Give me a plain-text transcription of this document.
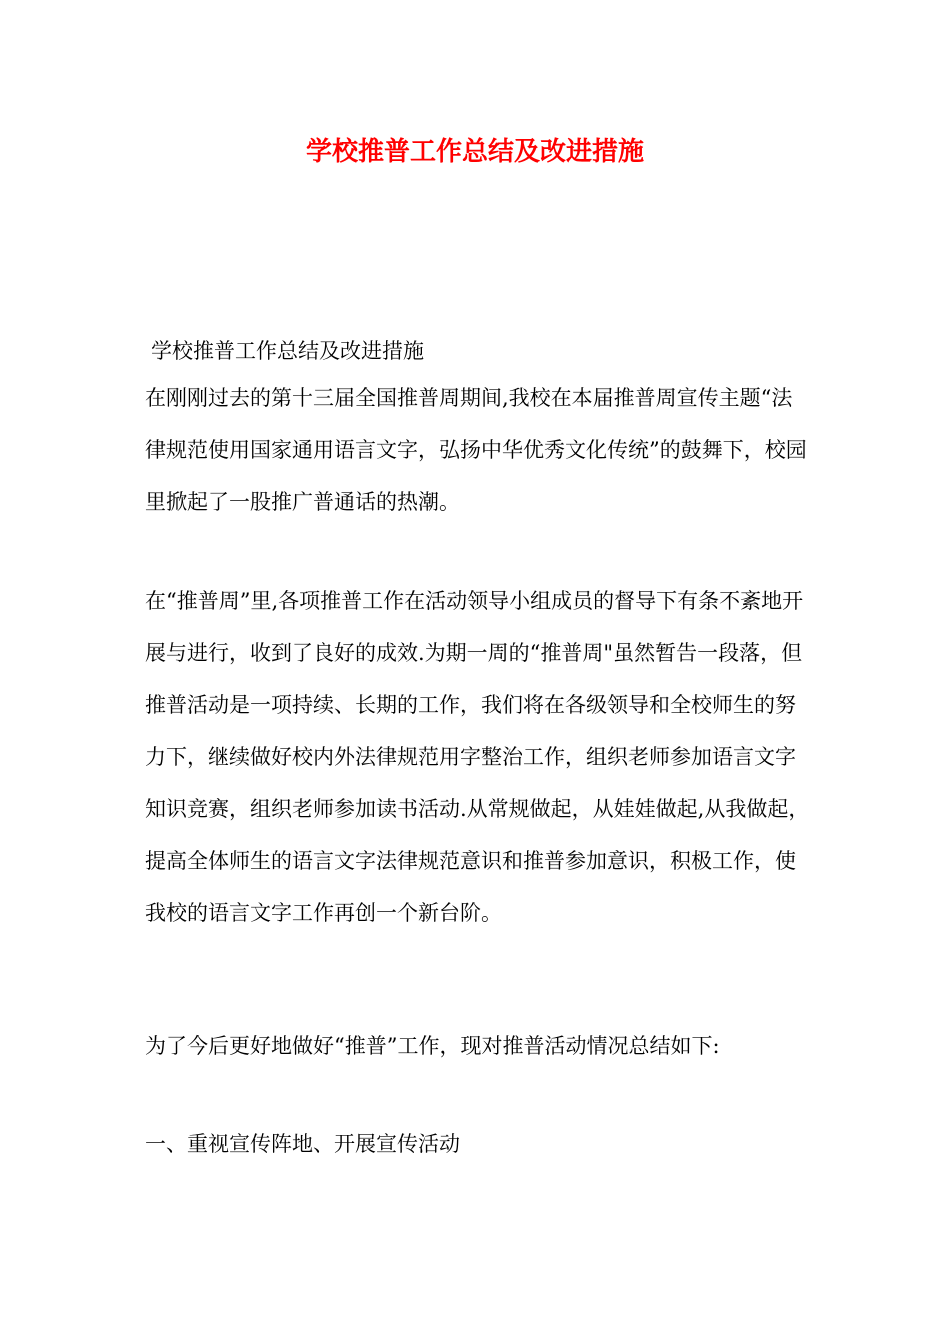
学校推普工作总结及改进措施

学校推普工作总结及改进措施

在刚刚过去的第十三届全国推普周期间,我校在本届推普周宣传主题“法律规范使用国家通用语言文字，弘扬中华优秀文化传统”的鼓舞下，校园里掀起了一股推广普通话的热潮。

在“推普周”里,各项推普工作在活动领导小组成员的督导下有条不紊地开展与进行，收到了良好的成效.为期一周的“推普周"虽然暂告一段落，但推普活动是一项持续、长期的工作，我们将在各级领导和全校师生的努力下，继续做好校内外法律规范用字整治工作，组织老师参加语言文字知识竞赛，组织老师参加读书活动.从常规做起，从娃娃做起,从我做起，提高全体师生的语言文字法律规范意识和推普参加意识，积极工作，使我校的语言文字工作再创一个新台阶。

为了今后更好地做好“推普”工作，现对推普活动情况总结如下:

一、重视宣传阵地、开展宣传活动
